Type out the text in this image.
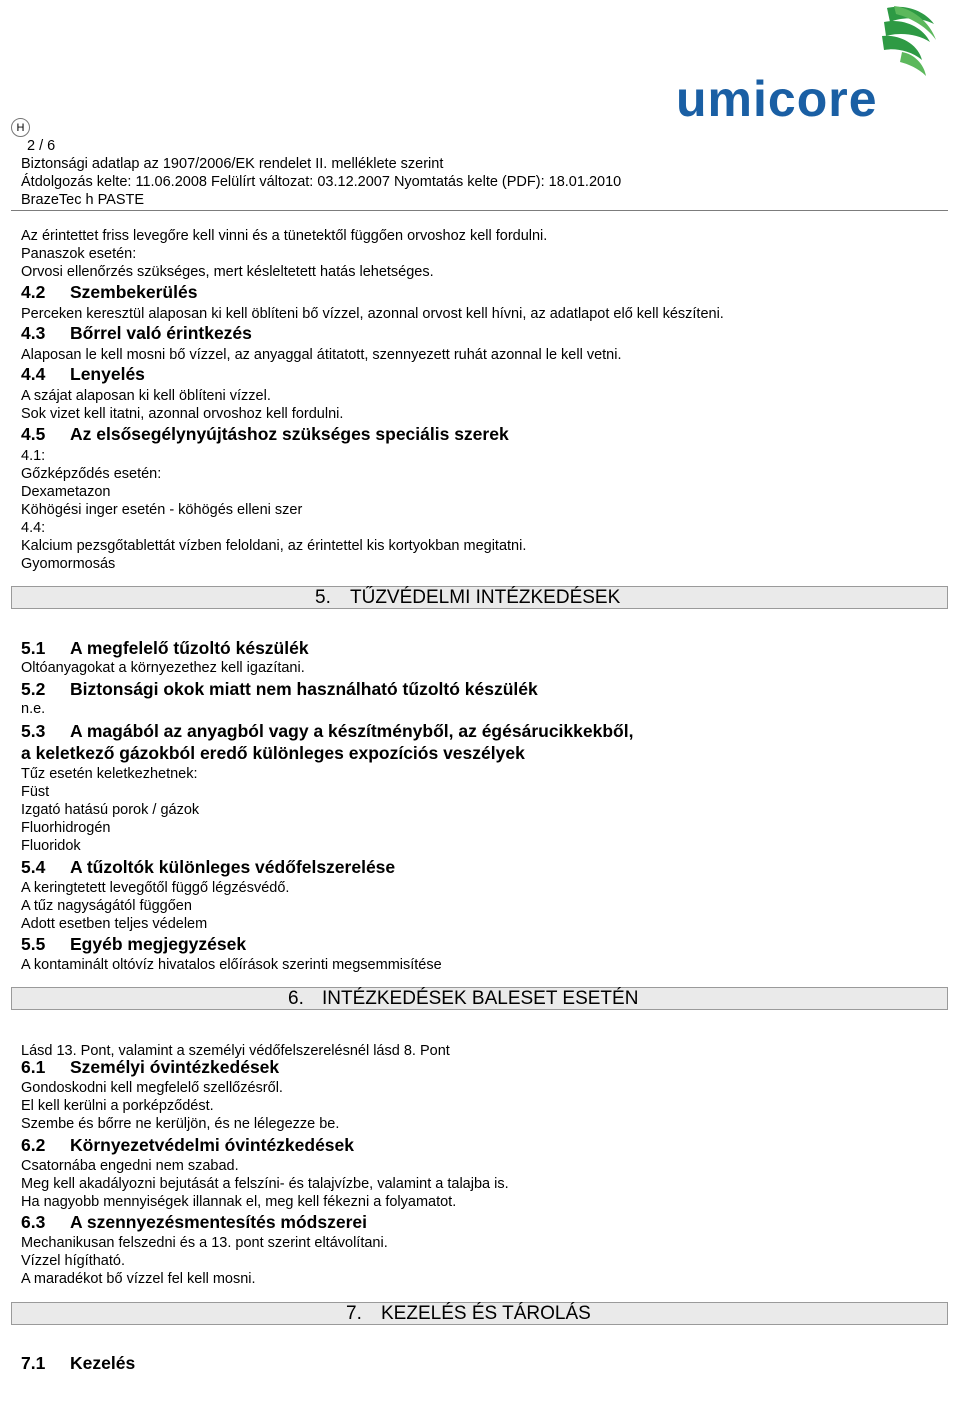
H
umicore
2 / 6
Biztonsági adatlap az 1907/2006/EK rendelet II. melléklete szerint
Átdolgozás kelte: 11.06.2008 Felülírt változat: 03.12.2007 Nyomtatás kelte (PDF): 18.01.2010
BrazeTec h PASTE
Az érintettet friss levegőre kell vinni és a tünetektől függően orvoshoz kell fordulni.
Panaszok esetén:
Orvosi ellenőrzés szükséges, mert késleltetett hatás lehetséges.
4.2 Szembekerülés
Perceken keresztül alaposan ki kell öblíteni bő vízzel, azonnal orvost kell hívni, az adatlapot elő kell készíteni.
4.3 Bőrrel való érintkezés
Alaposan le kell mosni bő vízzel, az anyaggal átitatott, szennyezett ruhát azonnal le kell vetni.
4.4 Lenyelés
A szájat alaposan ki kell öblíteni vízzel.
Sok vizet kell itatni, azonnal orvoshoz kell fordulni.
4.5 Az elsősegélynyújtáshoz szükséges speciális szerek
4.1:
Gőzképződés esetén:
Dexametazon
Köhögési inger esetén - köhögés elleni szer
4.4:
Kalcium pezsgőtablettát vízben feloldani, az érintettel kis kortyokban megitatni.
Gyomormosás
5. TŰZVÉDELMI INTÉZKEDÉSEK
5.1 A megfelelő tűzoltó készülék
Oltóanyagokat a környezethez kell igazítani.
5.2 Biztonsági okok miatt nem használható tűzoltó készülék
n.e.
5.3 A magából az anyagból vagy a készítményből, az égésárucikkekből,
a keletkező gázokból eredő különleges expozíciós veszélyek
Tűz esetén keletkezhetnek:
Füst
Izgató hatású porok / gázok
Fluorhidrogén
Fluoridok
5.4 A tűzoltók különleges védőfelszerelése
A keringtetett levegőtől függő légzésvédő.
A tűz nagyságától függően
Adott esetben teljes védelem
5.5 Egyéb megjegyzések
A kontaminált oltóvíz hivatalos előírások szerinti megsemmisítése
6. INTÉZKEDÉSEK BALESET ESETÉN
Lásd 13. Pont, valamint a személyi védőfelszerelésnél lásd 8. Pont
6.1 Személyi óvintézkedések
Gondoskodni kell megfelelő szellőzésről.
El kell kerülni a porképződést.
Szembe és bőrre ne kerüljön, és ne lélegezze be.
6.2 Környezetvédelmi óvintézkedések
Csatornába engedni nem szabad.
Meg kell akadályozni bejutását a felszíni- és talajvízbe, valamint a talajba is.
Ha nagyobb mennyiségek illannak el, meg kell fékezni a folyamatot.
6.3 A szennyezésmentesítés módszerei
Mechanikusan felszedni és a 13. pont szerint eltávolítani.
Vízzel hígítható.
A maradékot bő vízzel fel kell mosni.
7. KEZELÉS ÉS TÁROLÁS
7.1 Kezelés
